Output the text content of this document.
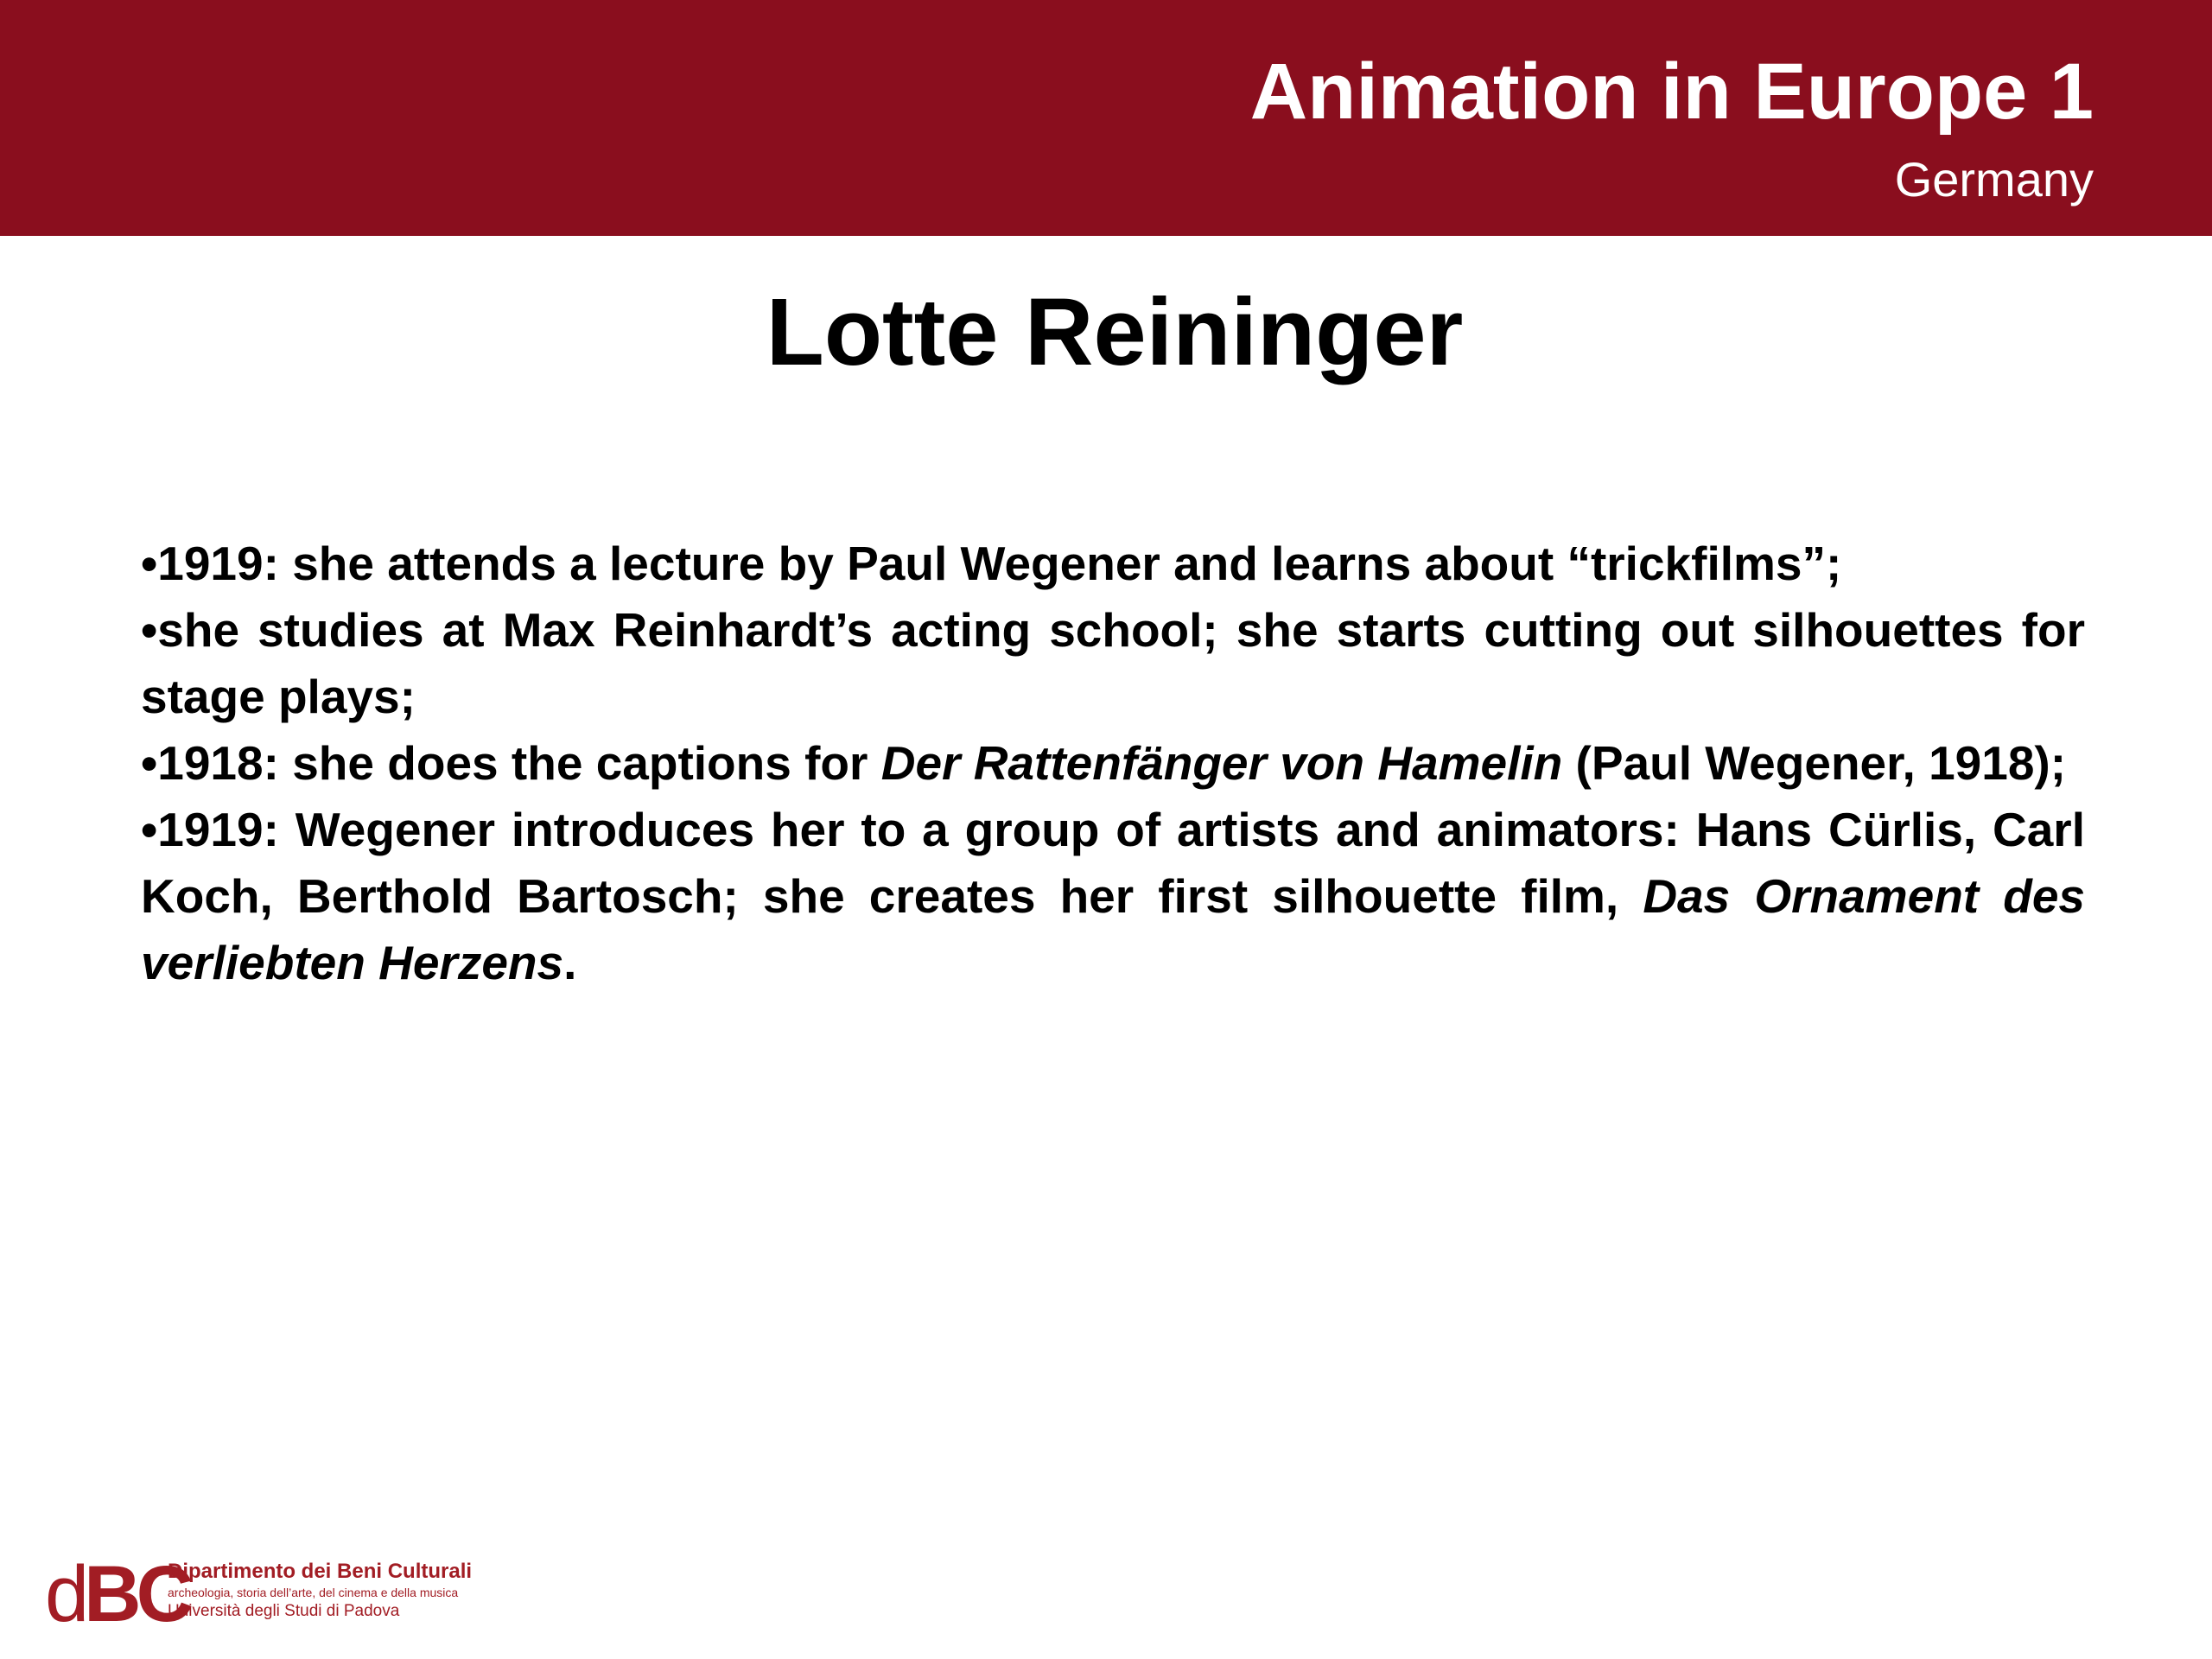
Animation in Europe 1
Germany
Lotte Reininger

•1919: she attends a lecture by Paul Wegener and learns about “trickfilms”;

•she studies at Max Reinhardt’s acting school; she starts cutting out silhouettes for stage plays;

•1918: she does the captions for Der Rattenfänger von Hamelin (Paul Wegener, 1918);

•1919: Wegener introduces her to a group of artists and animators: Hans Cürlis, Carl Koch, Berthold Bartosch; she creates her first silhouette film, Das Ornament des verliebten Herzens.

dBC
Dipartimento dei Beni Culturali
archeologia, storia dell’arte, del cinema e della musica
Università degli Studi di Padova
